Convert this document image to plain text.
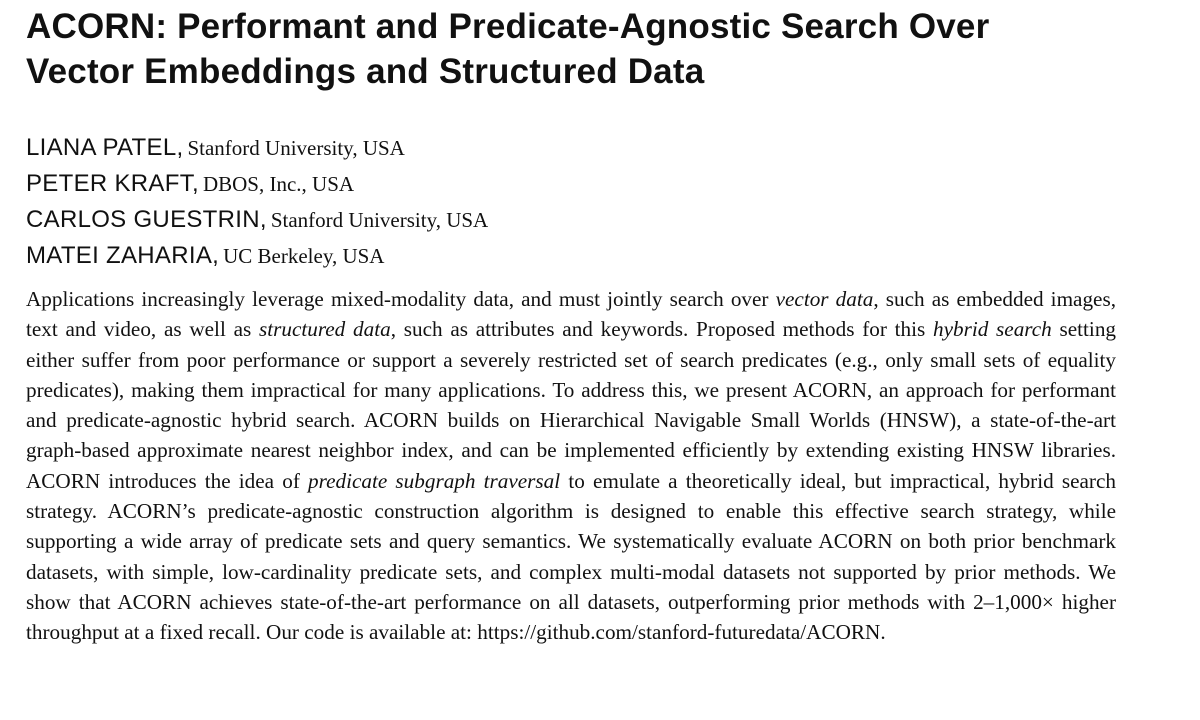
ACORN: Performant and Predicate-Agnostic Search Over
Vector Embeddings and Structured Data
LIANA PATEL, Stanford University, USA
PETER KRAFT, DBOS, Inc., USA
CARLOS GUESTRIN, Stanford University, USA
MATEI ZAHARIA, UC Berkeley, USA

Applications increasingly leverage mixed-modality data, and must jointly search over vector data, such as embedded images, text and video, as well as structured data, such as attributes and keywords. Proposed methods for this hybrid search setting either suffer from poor performance or support a severely restricted set of search predicates (e.g., only small sets of equality predicates), making them impractical for many applications. To address this, we present ACORN, an approach for performant and predicate-agnostic hybrid search. ACORN builds on Hierarchical Navigable Small Worlds (HNSW), a state-of-the-art graph-based approximate nearest neighbor index, and can be implemented efficiently by extending existing HNSW libraries. ACORN introduces the idea of predicate subgraph traversal to emulate a theoretically ideal, but impractical, hybrid search strategy. ACORN’s predicate-agnostic construction algorithm is designed to enable this effective search strategy, while supporting a wide array of predicate sets and query semantics. We systematically evaluate ACORN on both prior benchmark datasets, with simple, low-cardinality predicate sets, and complex multi-modal datasets not supported by prior methods. We show that ACORN achieves state-of-the-art performance on all datasets, outperforming prior methods with 2–1,000× higher throughput at a fixed recall. Our code is available at: https://github.com/stanford-futuredata/ACORN.
